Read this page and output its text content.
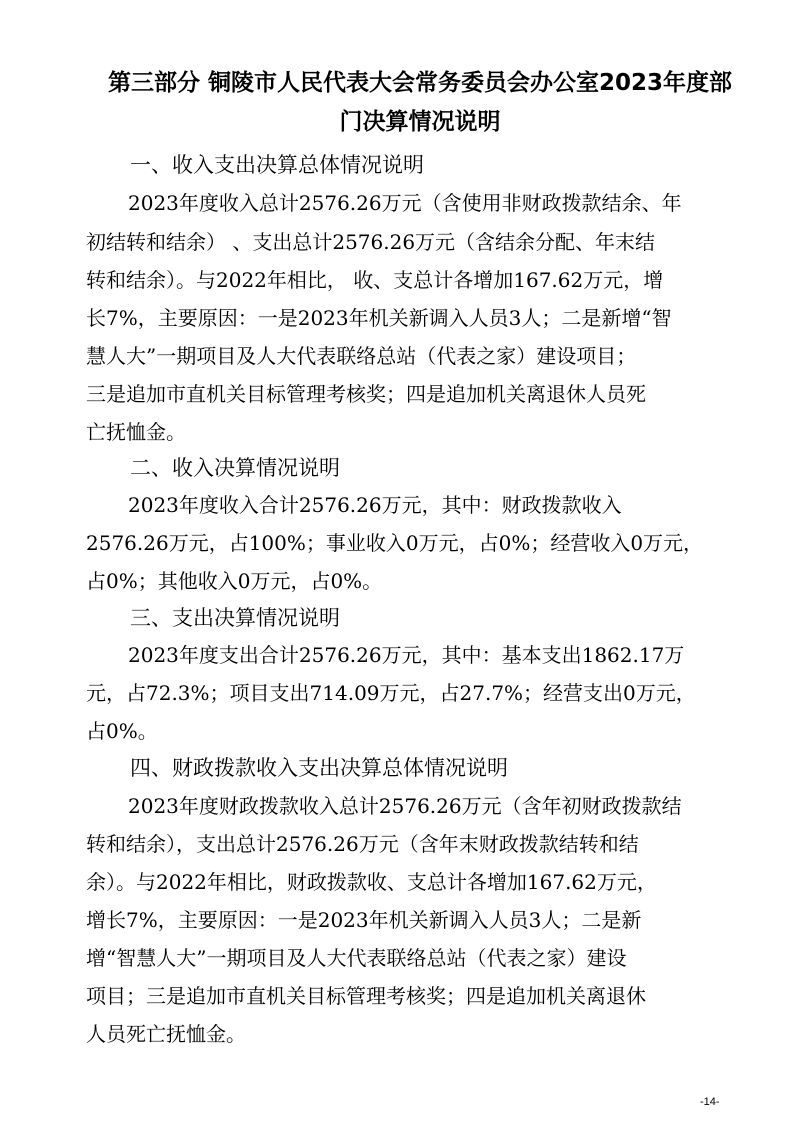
第三部分 铜陵市人民代表大会常务委员会办公室2023年度部
门决算情况说明
一、收入支出决算总体情况说明
2023年度收入总计2576.26万元（含使用非财政拨款结余、年
初结转和结余） 、支出总计2576.26万元（含结余分配、年末结
转和结余）。与2022年相比， 收、支总计各增加167.62万元，增
长7%，主要原因：一是2023年机关新调入人员3人；二是新增“智
慧人大”一期项目及人大代表联络总站（代表之家）建设项目；
三是追加市直机关目标管理考核奖；四是追加机关离退休人员死
亡抚恤金。
二、收入决算情况说明
2023年度收入合计2576.26万元，其中：财政拨款收入
2576.26万元，占100%；事业收入0万元，占0%；经营收入0万元，
占0%；其他收入0万元，占0%。
三、支出决算情况说明
2023年度支出合计2576.26万元，其中：基本支出1862.17万
元，占72.3%；项目支出714.09万元，占27.7%；经营支出0万元，
占0%。
四、财政拨款收入支出决算总体情况说明
2023年度财政拨款收入总计2576.26万元（含年初财政拨款结
转和结余），支出总计2576.26万元（含年末财政拨款结转和结
余）。与2022年相比，财政拨款收、支总计各增加167.62万元，
增长7%，主要原因：一是2023年机关新调入人员3人；二是新
增“智慧人大”一期项目及人大代表联络总站（代表之家）建设
项目；三是追加市直机关目标管理考核奖；四是追加机关离退休
人员死亡抚恤金。
-14-
